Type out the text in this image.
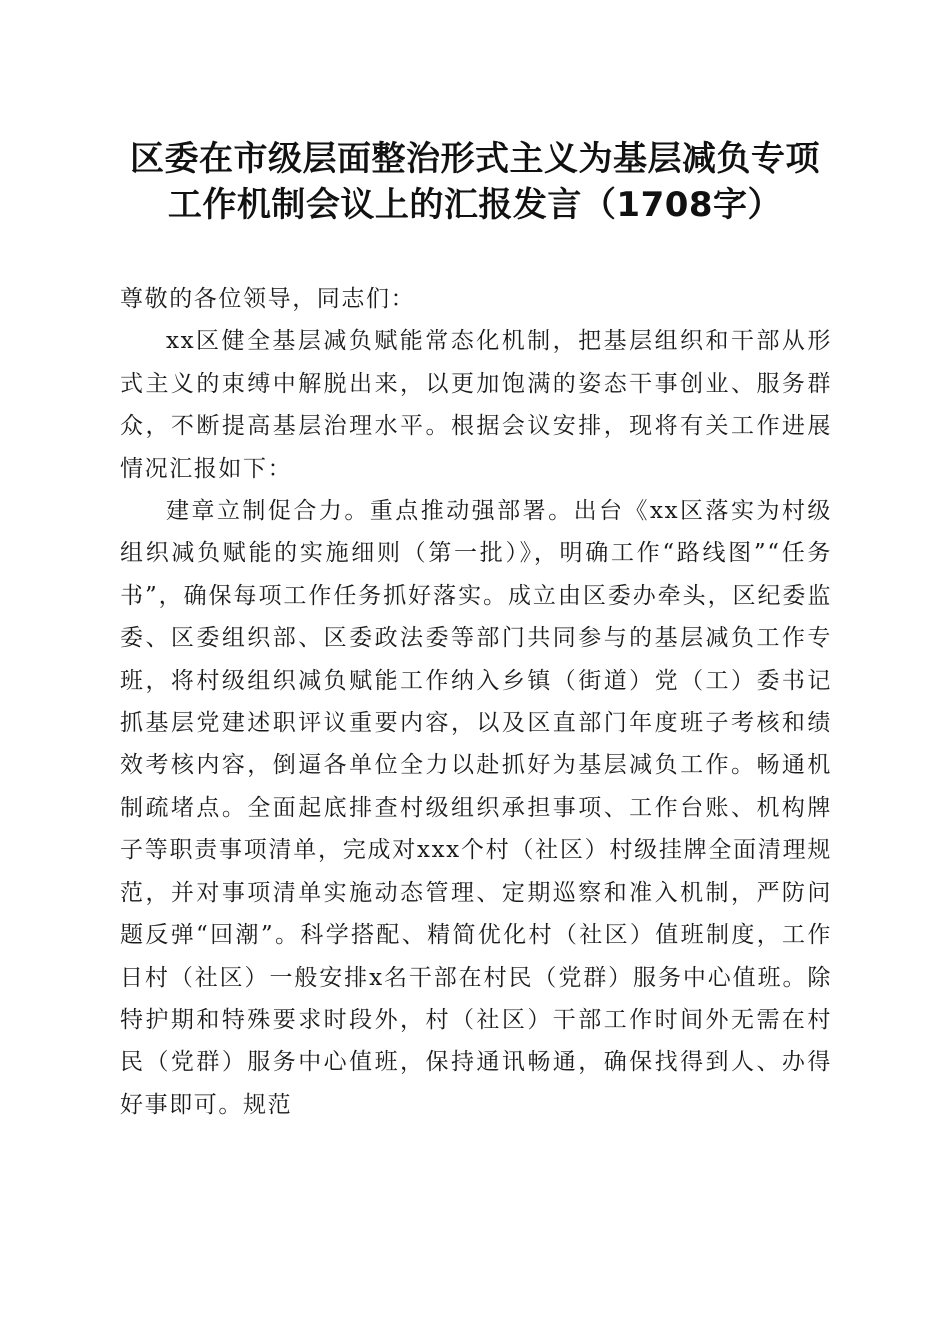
区委在市级层面整治形式主义为基层减负专项
工作机制会议上的汇报发言（1708字）

尊敬的各位领导，同志们：

xx区健全基层减负赋能常态化机制，把基层组织和干部从形式主义的束缚中解脱出来，以更加饱满的姿态干事创业、服务群众，不断提高基层治理水平。根据会议安排，现将有关工作进展情况汇报如下：

建章立制促合力。重点推动强部署。出台《xx区落实为村级组织减负赋能的实施细则（第一批）》，明确工作“路线图”“任务书”，确保每项工作任务抓好落实。成立由区委办牵头，区纪委监委、区委组织部、区委政法委等部门共同参与的基层减负工作专班，将村级组织减负赋能工作纳入乡镇（街道）党（工）委书记抓基层党建述职评议重要内容，以及区直部门年度班子考核和绩效考核内容，倒逼各单位全力以赴抓好为基层减负工作。畅通机制疏堵点。全面起底排查村级组织承担事项、工作台账、机构牌子等职责事项清单，完成对xxx个村（社区）村级挂牌全面清理规范，并对事项清单实施动态管理、定期巡察和准入机制，严防问题反弹“回潮”。科学搭配、精简优化村（社区）值班制度，工作日村（社区）一般安排x名干部在村民（党群）服务中心值班。除特护期和特殊要求时段外，村（社区）干部工作时间外无需在村民（党群）服务中心值班，保持通讯畅通，确保找得到人、办得好事即可。规范
